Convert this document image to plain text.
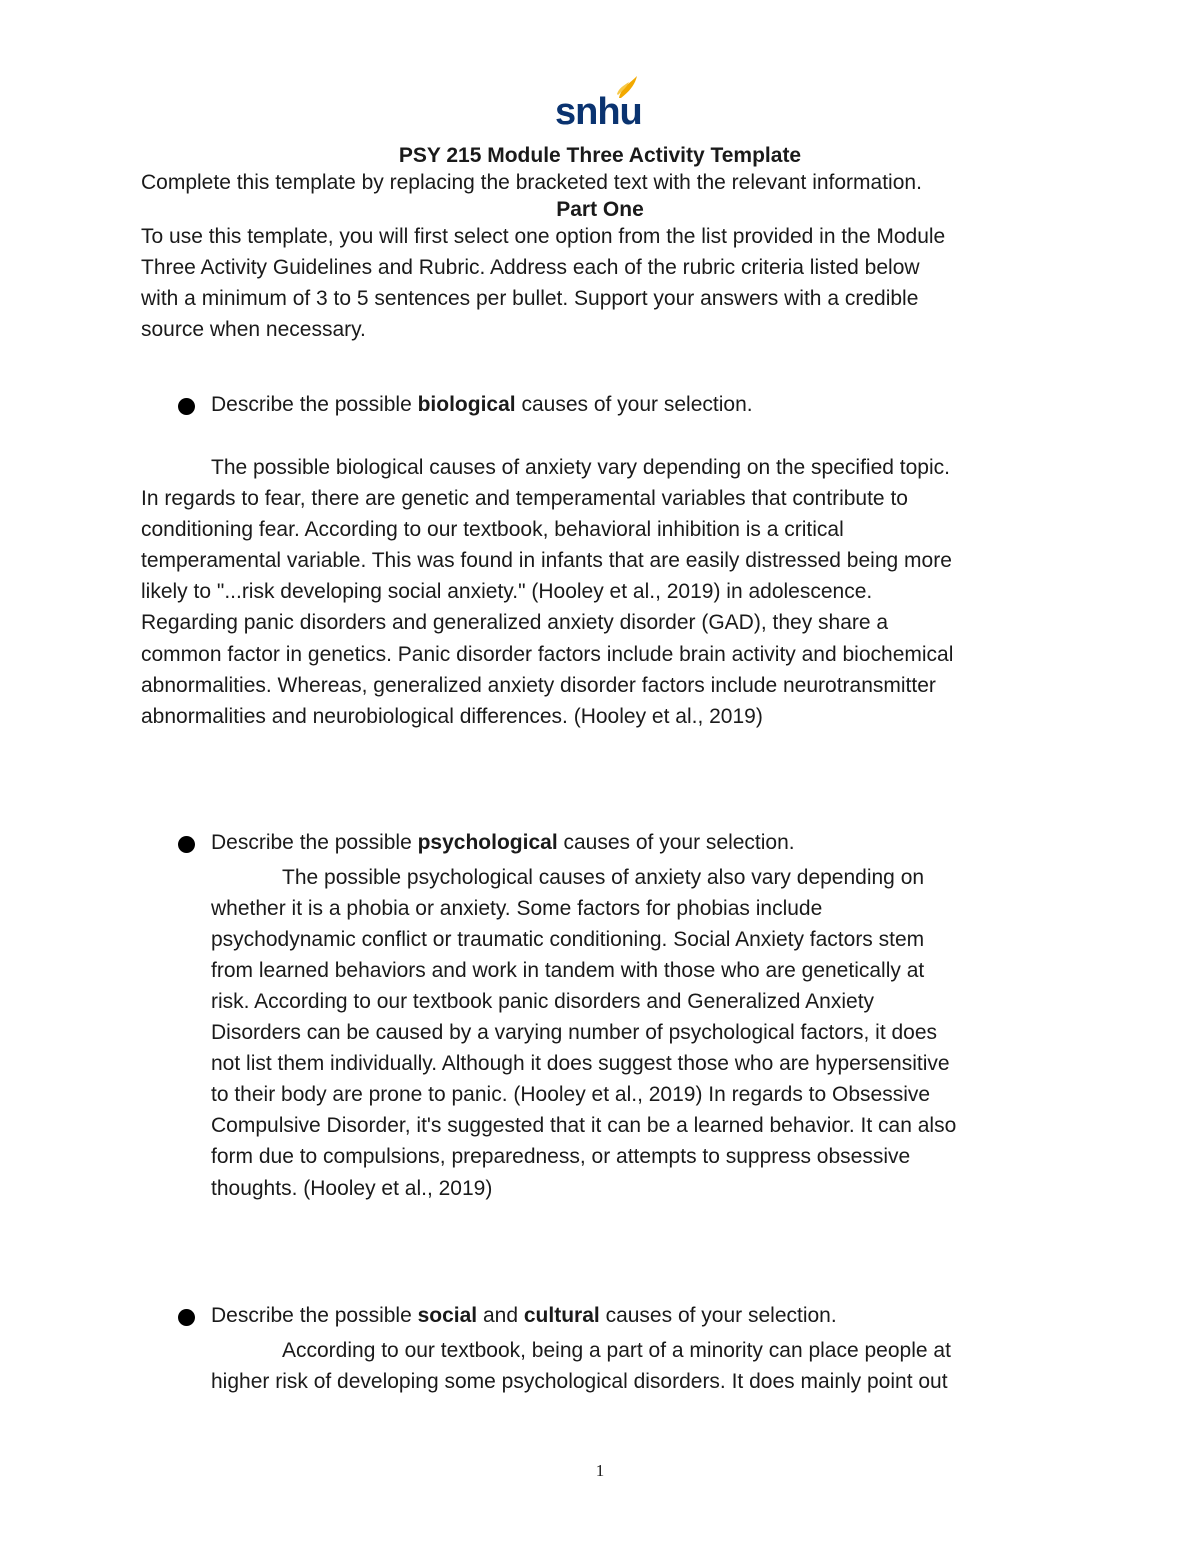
snhu
PSY 215 Module Three Activity Template
Complete this template by replacing the bracketed text with the relevant information.
Part One
To use this template, you will first select one option from the list provided in the Module
Three Activity Guidelines and Rubric. Address each of the rubric criteria listed below
with a minimum of 3 to 5 sentences per bullet. Support your answers with a credible
source when necessary.
Describe the possible biological causes of your selection.
The possible biological causes of anxiety vary depending on the specified topic.
In regards to fear, there are genetic and temperamental variables that contribute to
conditioning fear. According to our textbook, behavioral inhibition is a critical
temperamental variable. This was found in infants that are easily distressed being more
likely to "...risk developing social anxiety." (Hooley et al., 2019) in adolescence.
Regarding panic disorders and generalized anxiety disorder (GAD), they share a
common factor in genetics. Panic disorder factors include brain activity and biochemical
abnormalities. Whereas, generalized anxiety disorder factors include neurotransmitter
abnormalities and neurobiological differences. (Hooley et al., 2019)
Describe the possible psychological causes of your selection.
The possible psychological causes of anxiety also vary depending on
whether it is a phobia or anxiety. Some factors for phobias include
psychodynamic conflict or traumatic conditioning. Social Anxiety factors stem
from learned behaviors and work in tandem with those who are genetically at
risk. According to our textbook panic disorders and Generalized Anxiety
Disorders can be caused by a varying number of psychological factors, it does
not list them individually. Although it does suggest those who are hypersensitive
to their body are prone to panic. (Hooley et al., 2019) In regards to Obsessive
Compulsive Disorder, it's suggested that it can be a learned behavior. It can also
form due to compulsions, preparedness, or attempts to suppress obsessive
thoughts. (Hooley et al., 2019)
Describe the possible social and cultural causes of your selection.
According to our textbook, being a part of a minority can place people at
higher risk of developing some psychological disorders. It does mainly point out
1
